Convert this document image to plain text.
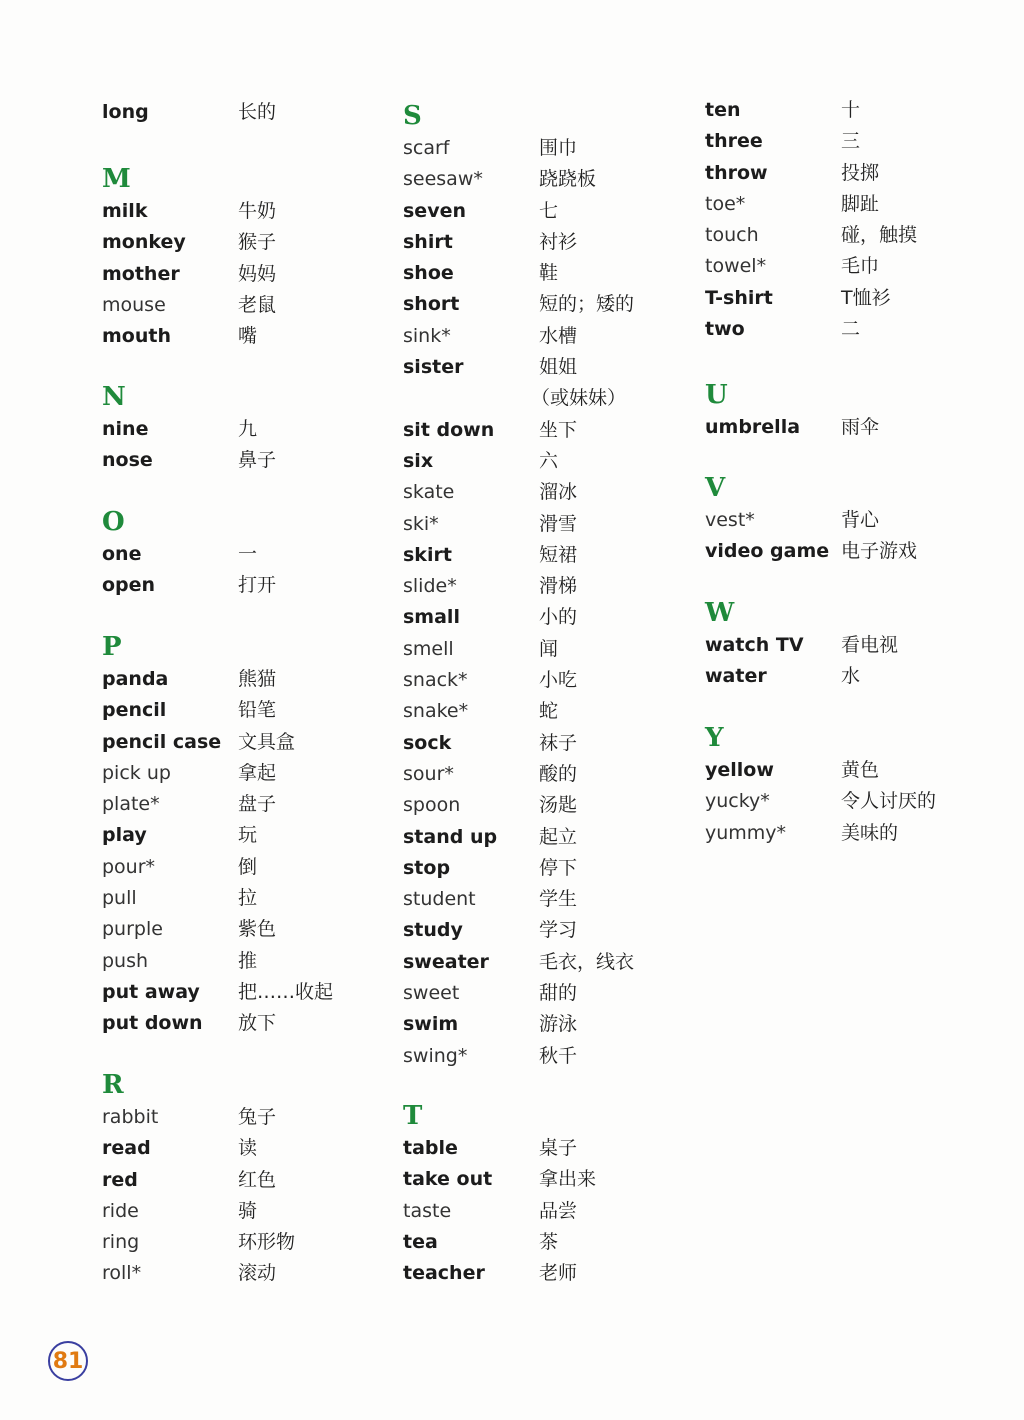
long	长的
M
milk	牛奶
monkey	猴子
mother	妈妈
mouse	老鼠
mouth	嘴
N
nine	九
nose	鼻子
O
one	一
open	打开
P
panda	熊猫
pencil	铅笔
pencil case 文具盒
pick up	拿起
plate*	盘子
play	玩
pour*	倒
pull	拉
purple	紫色
push	推
put away 把……收起
put down 放下
R
rabbit	兔子
read	读
red	红色
ride	骑
ring	环形物
roll*	滚动
S
scarf	围巾
seesaw*	跷跷板
seven	七
shirt	衬衫
shoe	鞋
short	短的；矮的
sink*	水槽
sister	姐姐
（或妹妹）
sit down 坐下
six	六
skate	溜冰
ski*	滑雪
skirt	短裙
slide*	滑梯
small	小的
smell	闻
snack*	小吃
snake*	蛇
sock	袜子
sour*	酸的
spoon	汤匙
stand up 起立
stop	停下
student	学生
study	学习
sweater	毛衣，线衣
sweet	甜的
swim	游泳
swing*	秋千
T
table	桌子
take out 拿出来
taste	品尝
tea	茶
teacher	老师
ten	十
three	三
throw	投掷
toe*	脚趾
touch	碰，触摸
towel*	毛巾
T-shirt	T恤衫
two	二
U
umbrella 雨伞
V
vest*	背心
video game 电子游戏
W
watch TV 看电视
water	水
Y
yellow	黄色
yucky*	令人讨厌的
yummy*	美味的
81
